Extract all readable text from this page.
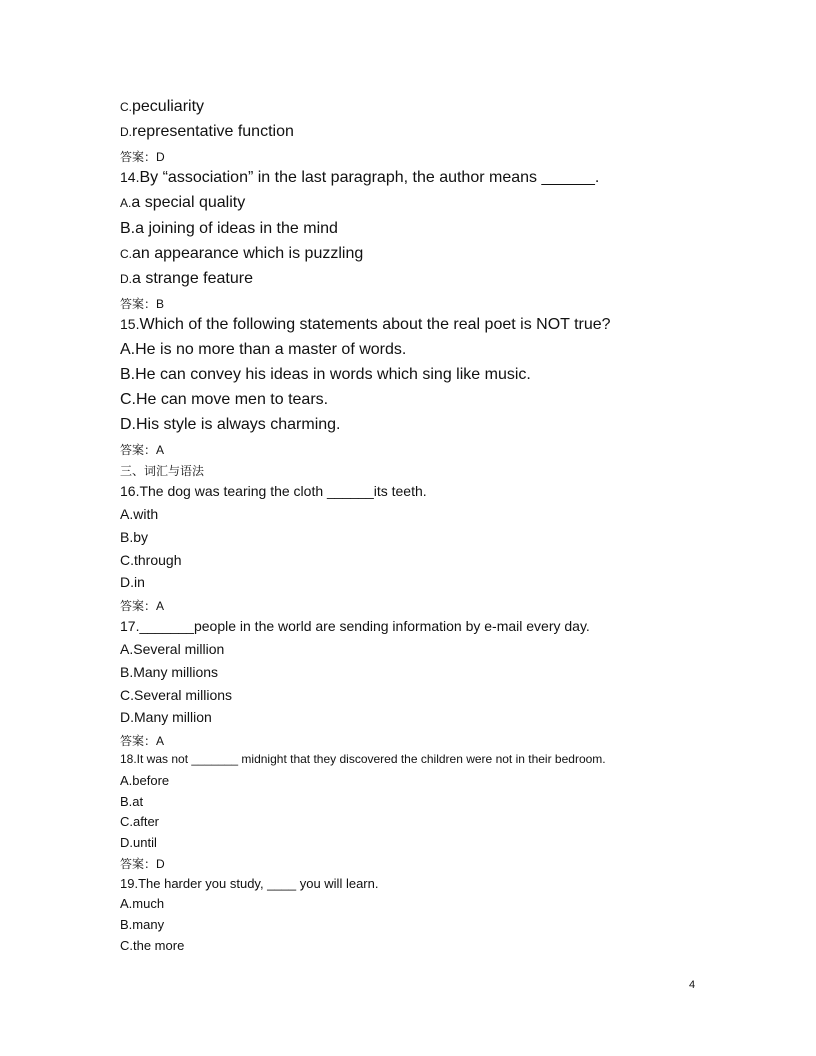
C.peculiarity
D.representative function
答案：D
14.By “association” in the last paragraph, the author means ______.
A.a special quality
B.a joining of ideas in the mind
C.an appearance which is puzzling
D.a strange feature
答案：B
15.Which of the following statements about the real poet is NOT true?
A.He is no more than a master of words.
B.He can convey his ideas in words which sing like music.
C.He can move men to tears.
D.His style is always charming.
答案：A
三、词汇与语法
16.The dog was tearing the cloth ______its teeth.
A.with
B.by
C.through
D.in
答案：A
17._______people in the world are sending information by e-mail every day.
A.Several million
B.Many millions
C.Several millions
D.Many million
答案：A
18.It was not _______ midnight that they discovered the children were not in their bedroom.
A.before
B.at
C.after
D.until
答案：D
19.The harder you study, ____ you will learn.
A.much
B.many
C.the more
4
